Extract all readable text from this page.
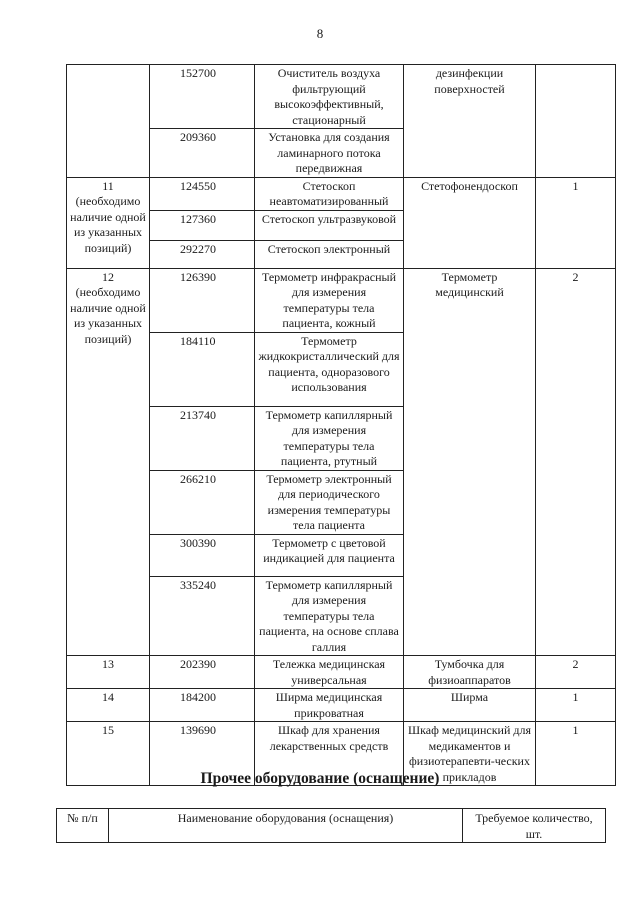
8
	152700	Очиститель воздуха фильтрующий высокоэффективный, стационарный	дезинфекции поверхностей	
	209360	Установка для создания ламинарного потока передвижная		
11 (необходимо наличие одной из указанных позиций)	124550	Стетоскоп неавтоматизированный	Стетофонендоскоп	1
	127360	Стетоскоп ультразвуковой		
	292270	Стетоскоп электронный		
12 (необходимо наличие одной из указанных позиций)	126390	Термометр инфракрасный для измерения температуры тела пациента, кожный	Термометр медицинский	2
	184110	Термометр жидкокристаллический для пациента, одноразового использования		
	213740	Термометр капиллярный для измерения температуры тела пациента, ртутный		
	266210	Термометр электронный для периодического измерения температуры тела пациента		
	300390	Термометр с цветовой индикацией для пациента		
	335240	Термометр капиллярный для измерения температуры тела пациента, на основе сплава галлия		
13	202390	Тележка медицинская универсальная	Тумбочка для физиоаппаратов	2
14	184200	Ширма медицинская прикроватная	Ширма	1
15	139690	Шкаф для хранения лекарственных средств	Шкаф медицинский для медикаментов и физиотерапевти-ческих прикладов	1
Прочее оборудование (оснащение)
№ п/п	Наименование оборудования (оснащения)	Требуемое количество, шт.
